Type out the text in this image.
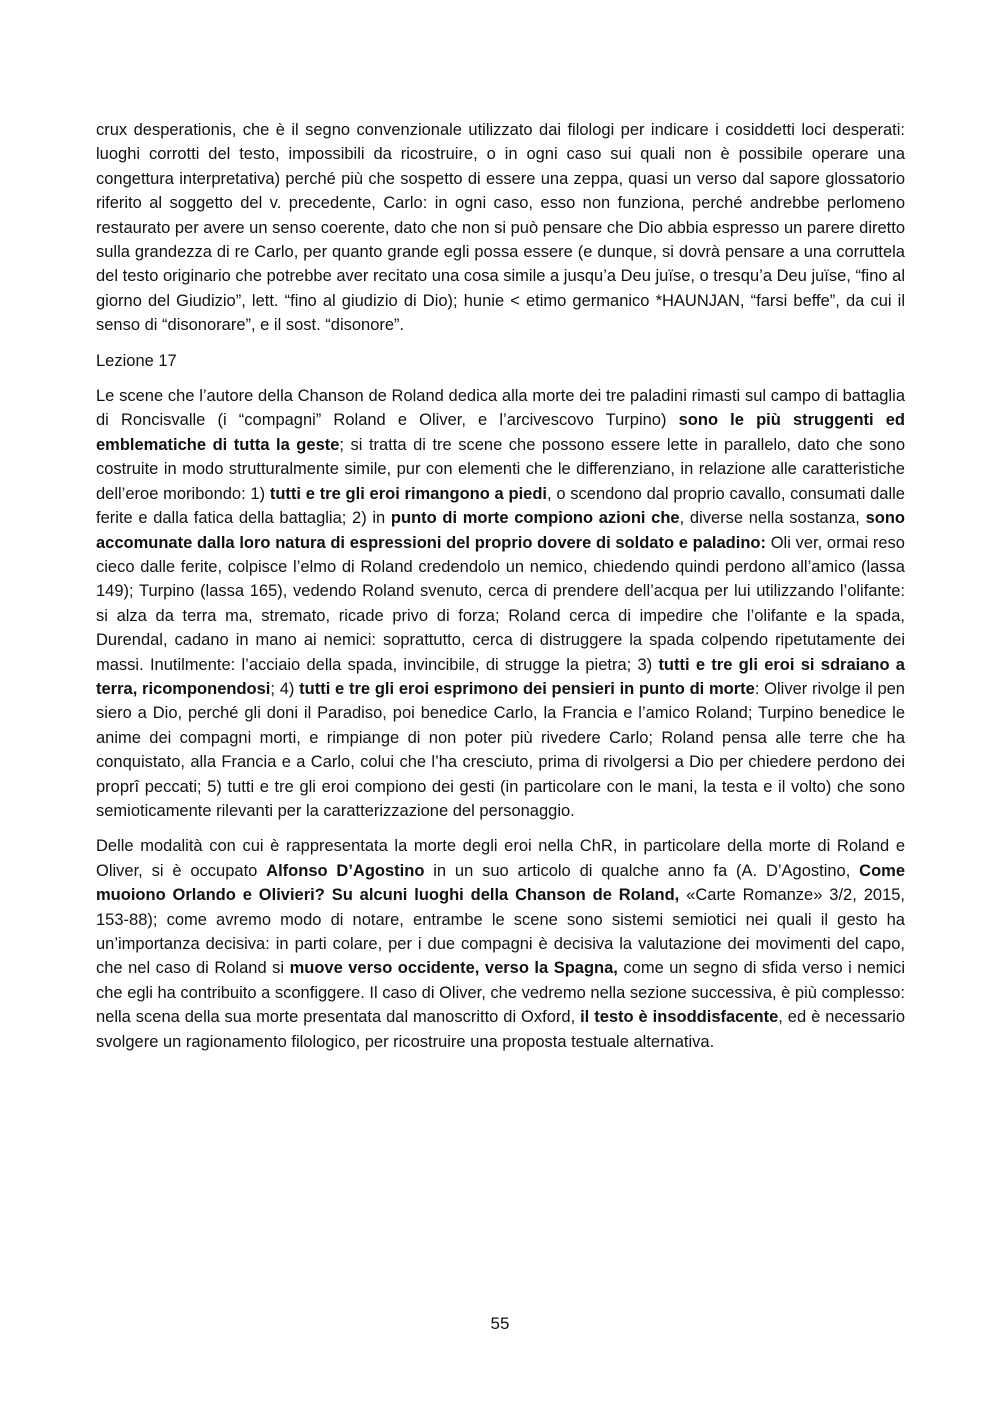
crux desperationis, che è il segno convenzionale utilizzato dai filologi per indicare i cosiddetti loci desperati: luoghi corrotti del testo, impossibili da ricostruire, o in ogni caso sui quali non è possibile operare una congettura interpretativa) perché più che sospetto di essere una zeppa, quasi un verso dal sapore glossatorio riferito al soggetto del v. precedente, Carlo: in ogni caso, esso non funziona, perché andrebbe perlomeno restaurato per avere un senso coerente, dato che non si può pensare che Dio abbia espresso un parere diretto sulla grandezza di re Carlo, per quanto grande egli possa essere (e dunque, si dovrà pensare a una corruttela del testo originario che potrebbe aver recitato una cosa simile a jusqu’a Deu juïse, o tresqu’a Deu juïse, “fino al giorno del Giudizio”, lett. “fino al giudizio di Dio); hunie < etimo germanico *HAUNJAN, “farsi beffe”, da cui il senso di “disonorare”, e il sost. “disonore”.

Lezione 17

Le scene che l’autore della Chanson de Roland dedica alla morte dei tre paladini rimasti sul campo di battaglia di Roncisvalle (i “compagni” Roland e Oliver, e l’arcivescovo Turpino) sono le più struggenti ed emblematiche di tutta la geste; si tratta di tre scene che possono essere lette in parallelo, dato che sono costruite in modo strutturalmente simile, pur con elementi che le differenziano, in relazione alle caratteristiche dell’eroe moribondo: 1) tutti e tre gli eroi rimangono a piedi, o scendono dal proprio cavallo, consumati dalle ferite e dalla fatica della battaglia; 2) in punto di morte compiono azioni che, diverse nella sostanza, sono accomunate dalla loro natura di espressioni del proprio dovere di soldato e paladino: Oli ver, ormai reso cieco dalle ferite, colpisce l’elmo di Roland credendolo un nemico, chiedendo quindi perdono all’amico (lassa 149); Turpino (lassa 165), vedendo Roland svenuto, cerca di prendere dell’acqua per lui utilizzando l’olifante: si alza da terra ma, stremato, ricade privo di forza; Roland cerca di impedire che l’olifante e la spada, Durendal, cadano in mano ai nemici: soprattutto, cerca di distruggere la spada colpendo ripetutamente dei massi. Inutilmente: l’acciaio della spada, invincibile, di strugge la pietra; 3) tutti e tre gli eroi si sdraiano a terra, ricomponendosi; 4) tutti e tre gli eroi esprimono dei pensieri in punto di morte: Oliver rivolge il pen siero a Dio, perché gli doni il Paradiso, poi benedice Carlo, la Francia e l’amico Roland; Turpino benedice le anime dei compagni morti, e rimpiange di non poter più rivedere Carlo; Roland pensa alle terre che ha conquistato, alla Francia e a Carlo, colui che l’ha cresciuto, prima di rivolgersi a Dio per chiedere perdono dei proprî peccati; 5) tutti e tre gli eroi compiono dei gesti (in particolare con le mani, la testa e il volto) che sono semioticamente rilevanti per la caratterizzazione del personaggio.

Delle modalità con cui è rappresentata la morte degli eroi nella ChR, in particolare della morte di Roland e Oliver, si è occupato Alfonso D’Agostino in un suo articolo di qualche anno fa (A. D’Agostino, Come muoiono Orlando e Olivieri? Su alcuni luoghi della Chanson de Roland, «Carte Romanze» 3/2, 2015, 153-88); come avremo modo di notare, entrambe le scene sono sistemi semiotici nei quali il gesto ha un’importanza decisiva: in parti colare, per i due compagni è decisiva la valutazione dei movimenti del capo, che nel caso di Roland si muove verso occidente, verso la Spagna, come un segno di sfida verso i nemici che egli ha contribuito a sconfiggere. Il caso di Oliver, che vedremo nella sezione successiva, è più complesso: nella scena della sua morte presentata dal manoscritto di Oxford, il testo è insoddisfacente, ed è necessario svolgere un ragionamento filologico, per ricostruire una proposta testuale alternativa.

55
